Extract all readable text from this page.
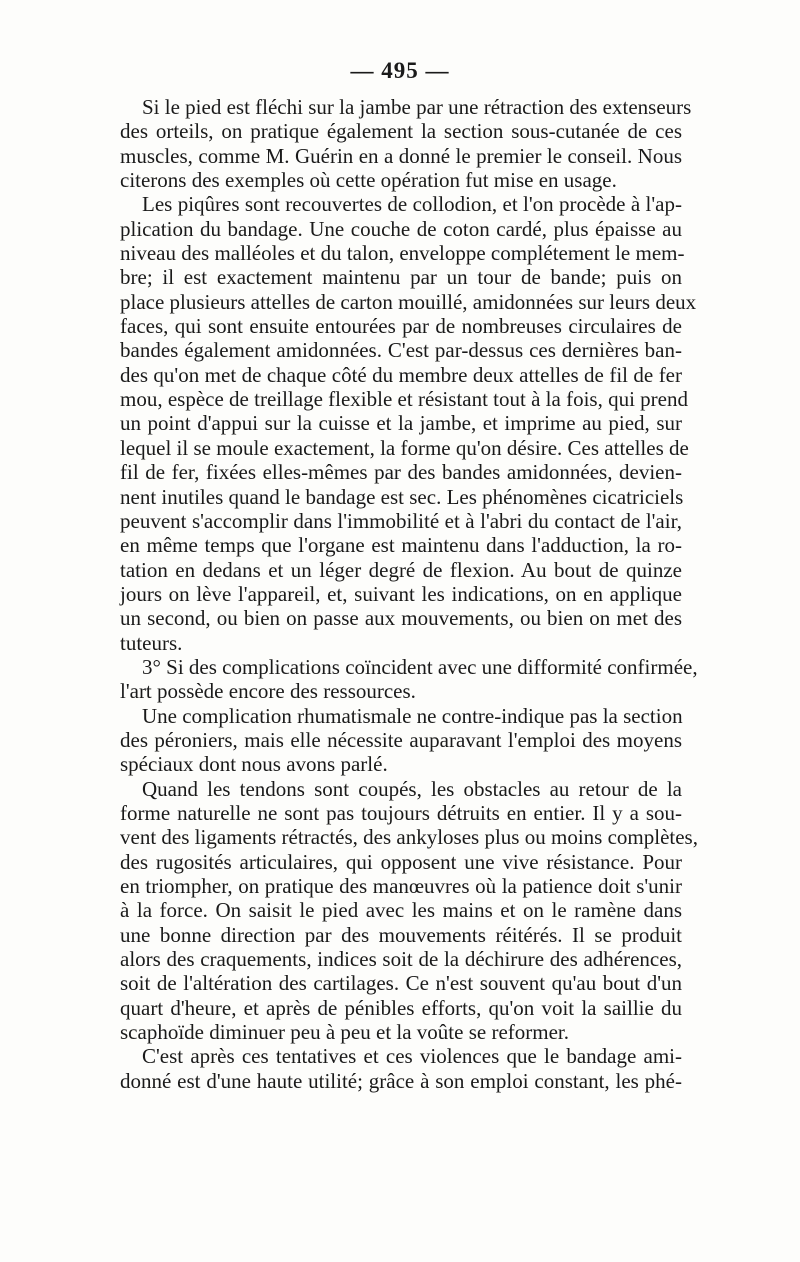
— 495 —
Si le pied est fléchi sur la jambe par une rétraction des extenseurs
des orteils, on pratique également la section sous-cutanée de ces
muscles, comme M. Guérin en a donné le premier le conseil. Nous
citerons des exemples où cette opération fut mise en usage.
Les piqûres sont recouvertes de collodion, et l'on procède à l'ap-
plication du bandage. Une couche de coton cardé, plus épaisse au
niveau des malléoles et du talon, enveloppe complétement le mem-
bre; il est exactement maintenu par un tour de bande; puis on
place plusieurs attelles de carton mouillé, amidonnées sur leurs deux
faces, qui sont ensuite entourées par de nombreuses circulaires de
bandes également amidonnées. C'est par-dessus ces dernières ban-
des qu'on met de chaque côté du membre deux attelles de fil de fer
mou, espèce de treillage flexible et résistant tout à la fois, qui prend
un point d'appui sur la cuisse et la jambe, et imprime au pied, sur
lequel il se moule exactement, la forme qu'on désire. Ces attelles de
fil de fer, fixées elles-mêmes par des bandes amidonnées, devien-
nent inutiles quand le bandage est sec. Les phénomènes cicatriciels
peuvent s'accomplir dans l'immobilité et à l'abri du contact de l'air,
en même temps que l'organe est maintenu dans l'adduction, la ro-
tation en dedans et un léger degré de flexion. Au bout de quinze
jours on lève l'appareil, et, suivant les indications, on en applique
un second, ou bien on passe aux mouvements, ou bien on met des
tuteurs.
3° Si des complications coïncident avec une difformité confirmée,
l'art possède encore des ressources.
Une complication rhumatismale ne contre-indique pas la section
des péroniers, mais elle nécessite auparavant l'emploi des moyens
spéciaux dont nous avons parlé.
Quand les tendons sont coupés, les obstacles au retour de la
forme naturelle ne sont pas toujours détruits en entier. Il y a sou-
vent des ligaments rétractés, des ankyloses plus ou moins complètes,
des rugosités articulaires, qui opposent une vive résistance. Pour
en triompher, on pratique des manœuvres où la patience doit s'unir
à la force. On saisit le pied avec les mains et on le ramène dans
une bonne direction par des mouvements réitérés. Il se produit
alors des craquements, indices soit de la déchirure des adhérences,
soit de l'altération des cartilages. Ce n'est souvent qu'au bout d'un
quart d'heure, et après de pénibles efforts, qu'on voit la saillie du
scaphoïde diminuer peu à peu et la voûte se reformer.
C'est après ces tentatives et ces violences que le bandage ami-
donné est d'une haute utilité; grâce à son emploi constant, les phé-
